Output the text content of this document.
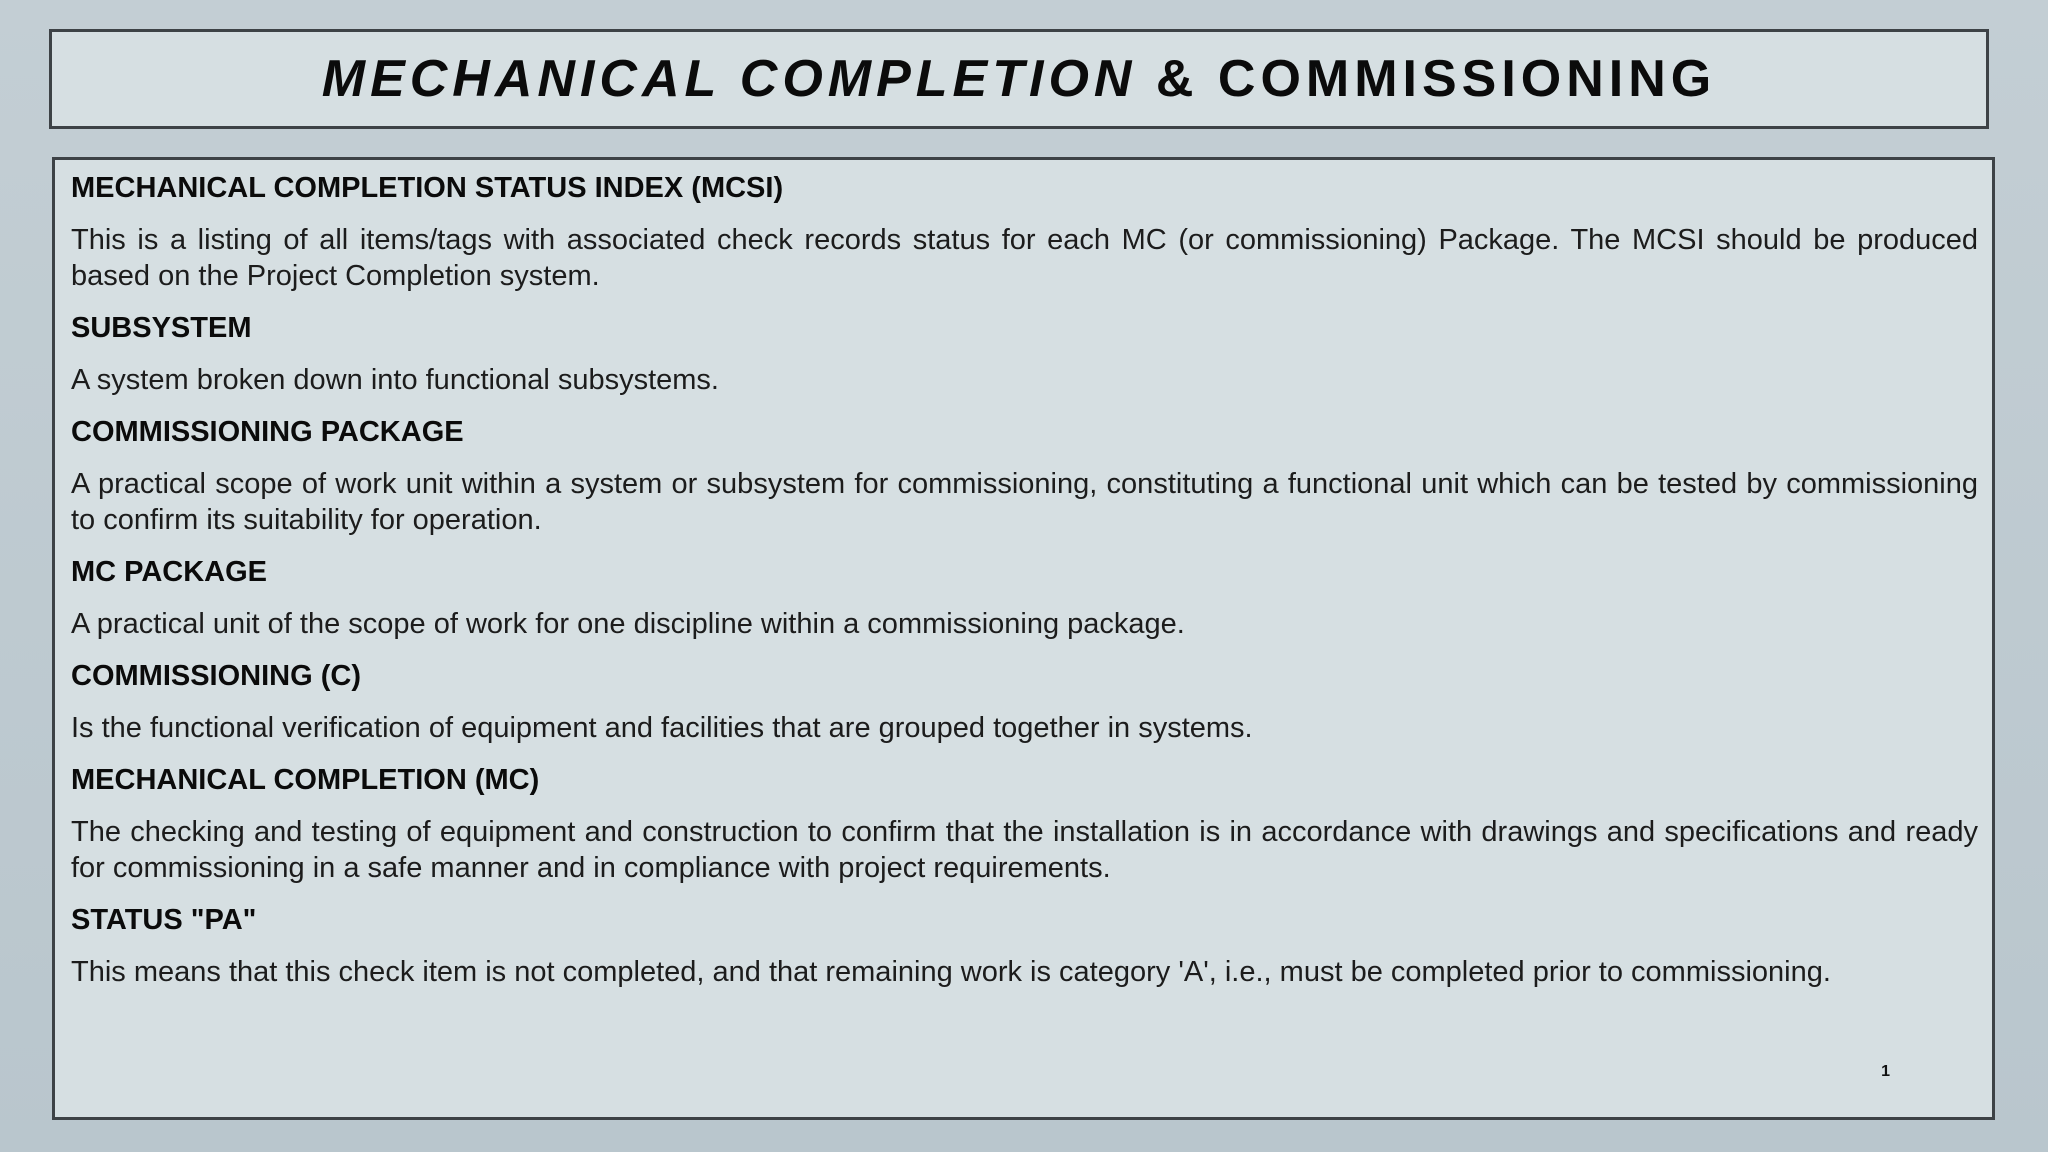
MECHANICAL COMPLETION & COMMISSIONING
MECHANICAL COMPLETION STATUS INDEX (MCSI)
This is a listing of all items/tags with associated check records status for each MC (or commissioning) Package. The MCSI should be produced based on the Project Completion system.
SUBSYSTEM
A system broken down into functional subsystems.
COMMISSIONING PACKAGE
A practical scope of work unit within a system or subsystem for commissioning, constituting a functional unit which can be tested by commissioning to confirm its suitability for operation.
MC PACKAGE
A practical unit of the scope of work for one discipline within a commissioning package.
COMMISSIONING (C)
Is the functional verification of equipment and facilities that are grouped together in systems.
MECHANICAL COMPLETION (MC)
The checking and testing of equipment and construction to confirm that the installation is in accordance with drawings and specifications and ready for commissioning in a safe manner and in compliance with project requirements.
STATUS "PA"
This means that this check item is not completed, and that remaining work is category 'A', i.e., must be completed prior to commissioning.
1
